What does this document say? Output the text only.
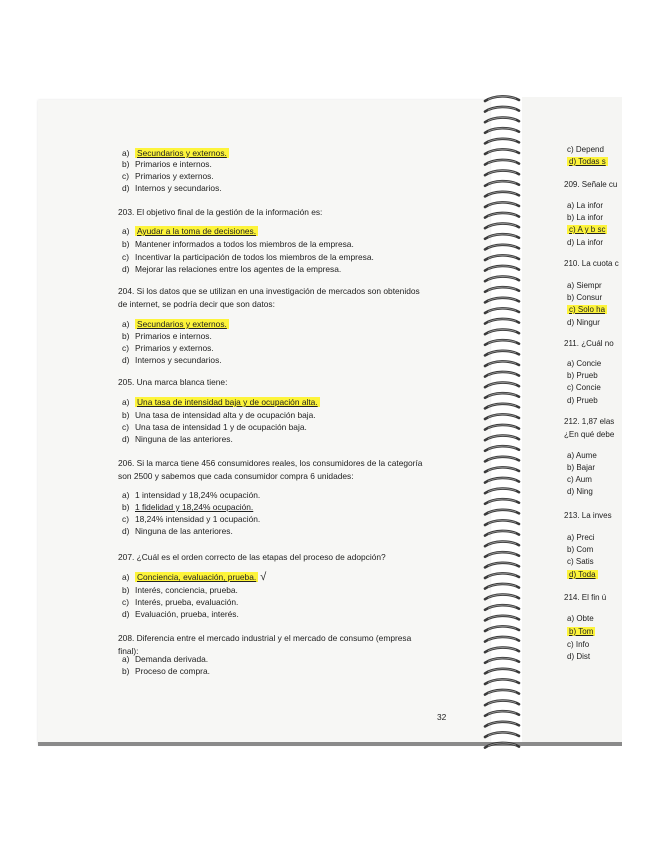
c) Depend
d) Todas s
209. Señale cu
a) La infor
b) La infor
c) A y b sc
d) La infor
210. La cuota c
a) Siempr
b) Consur
c) Solo ha
d) Ningur
211. ¿Cuál no
a) Concie
b) Prueb
c) Concie
d) Prueb
212. 1,87 elas
¿En qué debe
a) Aume
b) Bajar
c) Aum
d) Ning
213. La inves
a) Preci
b) Com
c) Satis
d) Toda
214. El fin ú
a) Obte
b) Tom
c) Info
d) Dist
a) Secundarios y externos.
b) Primarios e internos.
c) Primarios y externos.
d) Internos y secundarios.
203. El objetivo final de la gestión de la información es:
a) Ayudar a la toma de decisiones.
b) Mantener informados a todos los miembros de la empresa.
c) Incentivar la participación de todos los miembros de la empresa.
d) Mejorar las relaciones entre los agentes de la empresa.
204. Si los datos que se utilizan en una investigación de mercados son obtenidos de internet, se podría decir que son datos:
a) Secundarios y externos.
b) Primarios e internos.
c) Primarios y externos.
d) Internos y secundarios.
205. Una marca blanca tiene:
a) Una tasa de intensidad baja y de ocupación alta.
b) Una tasa de intensidad alta y de ocupación baja.
c) Una tasa de intensidad 1 y de ocupación baja.
d) Ninguna de las anteriores.
206. Si la marca tiene 456 consumidores reales, los consumidores de la categoría son 2500 y sabemos que cada consumidor compra 6 unidades:
a) 1 intensidad y 18,24% ocupación.
b) 1 fidelidad y 18,24% ocupación.
c) 18,24% intensidad y 1 ocupación.
d) Ninguna de las anteriores.
207. ¿Cuál es el orden correcto de las etapas del proceso de adopción?
a) Conciencia, evaluación, prueba. √
b) Interés, conciencia, prueba.
c) Interés, prueba, evaluación.
d) Evaluación, prueba, interés.
208. Diferencia entre el mercado industrial y el mercado de consumo (empresa final):
a) Demanda derivada.
b) Proceso de compra.
32
